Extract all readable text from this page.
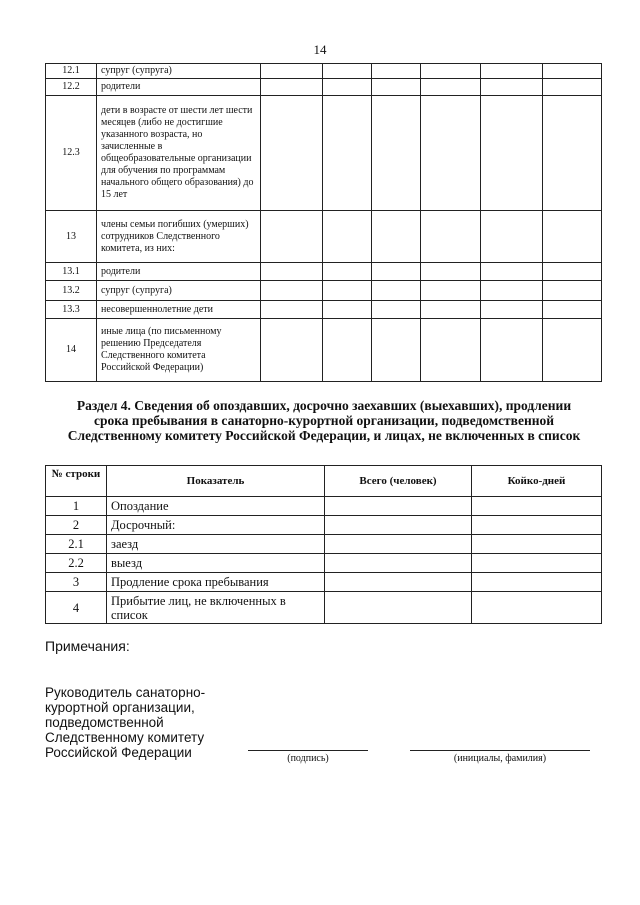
14
12.1	супруг (супруга)						
12.2	родители						
12.3	дети в возрасте от шести лет шести месяцев (либо не достигшие указанного возраста, но зачисленные в общеобразовательные организации для обучения по программам начального общего образования) до 15 лет						
13	члены семьи погибших (умерших) сотрудников Следственного комитета, из них:						
13.1	родители						
13.2	супруг (супруга)						
13.3	несовершеннолетние дети						
14	иные лица (по письменному решению Председателя Следственного комитета Российской Федерации)						
Раздел 4. Сведения об опоздавших, досрочно заехавших (выехавших), продлении срока пребывания в санаторно-курортной организации, подведомственной Следственному комитету Российской Федерации, и лицах, не включенных в список
№ строки	Показатель	Всего (человек)	Койко-дней
1	Опоздание		
2	Досрочный:		
2.1	заезд		
2.2	выезд		
3	Продление срока пребывания		
4	Прибытие лиц, не включенных в список		
Примечания:
Руководитель санаторно-курортной организации, подведомственной Следственному комитету Российской Федерации	(подпись)	(инициалы, фамилия)
